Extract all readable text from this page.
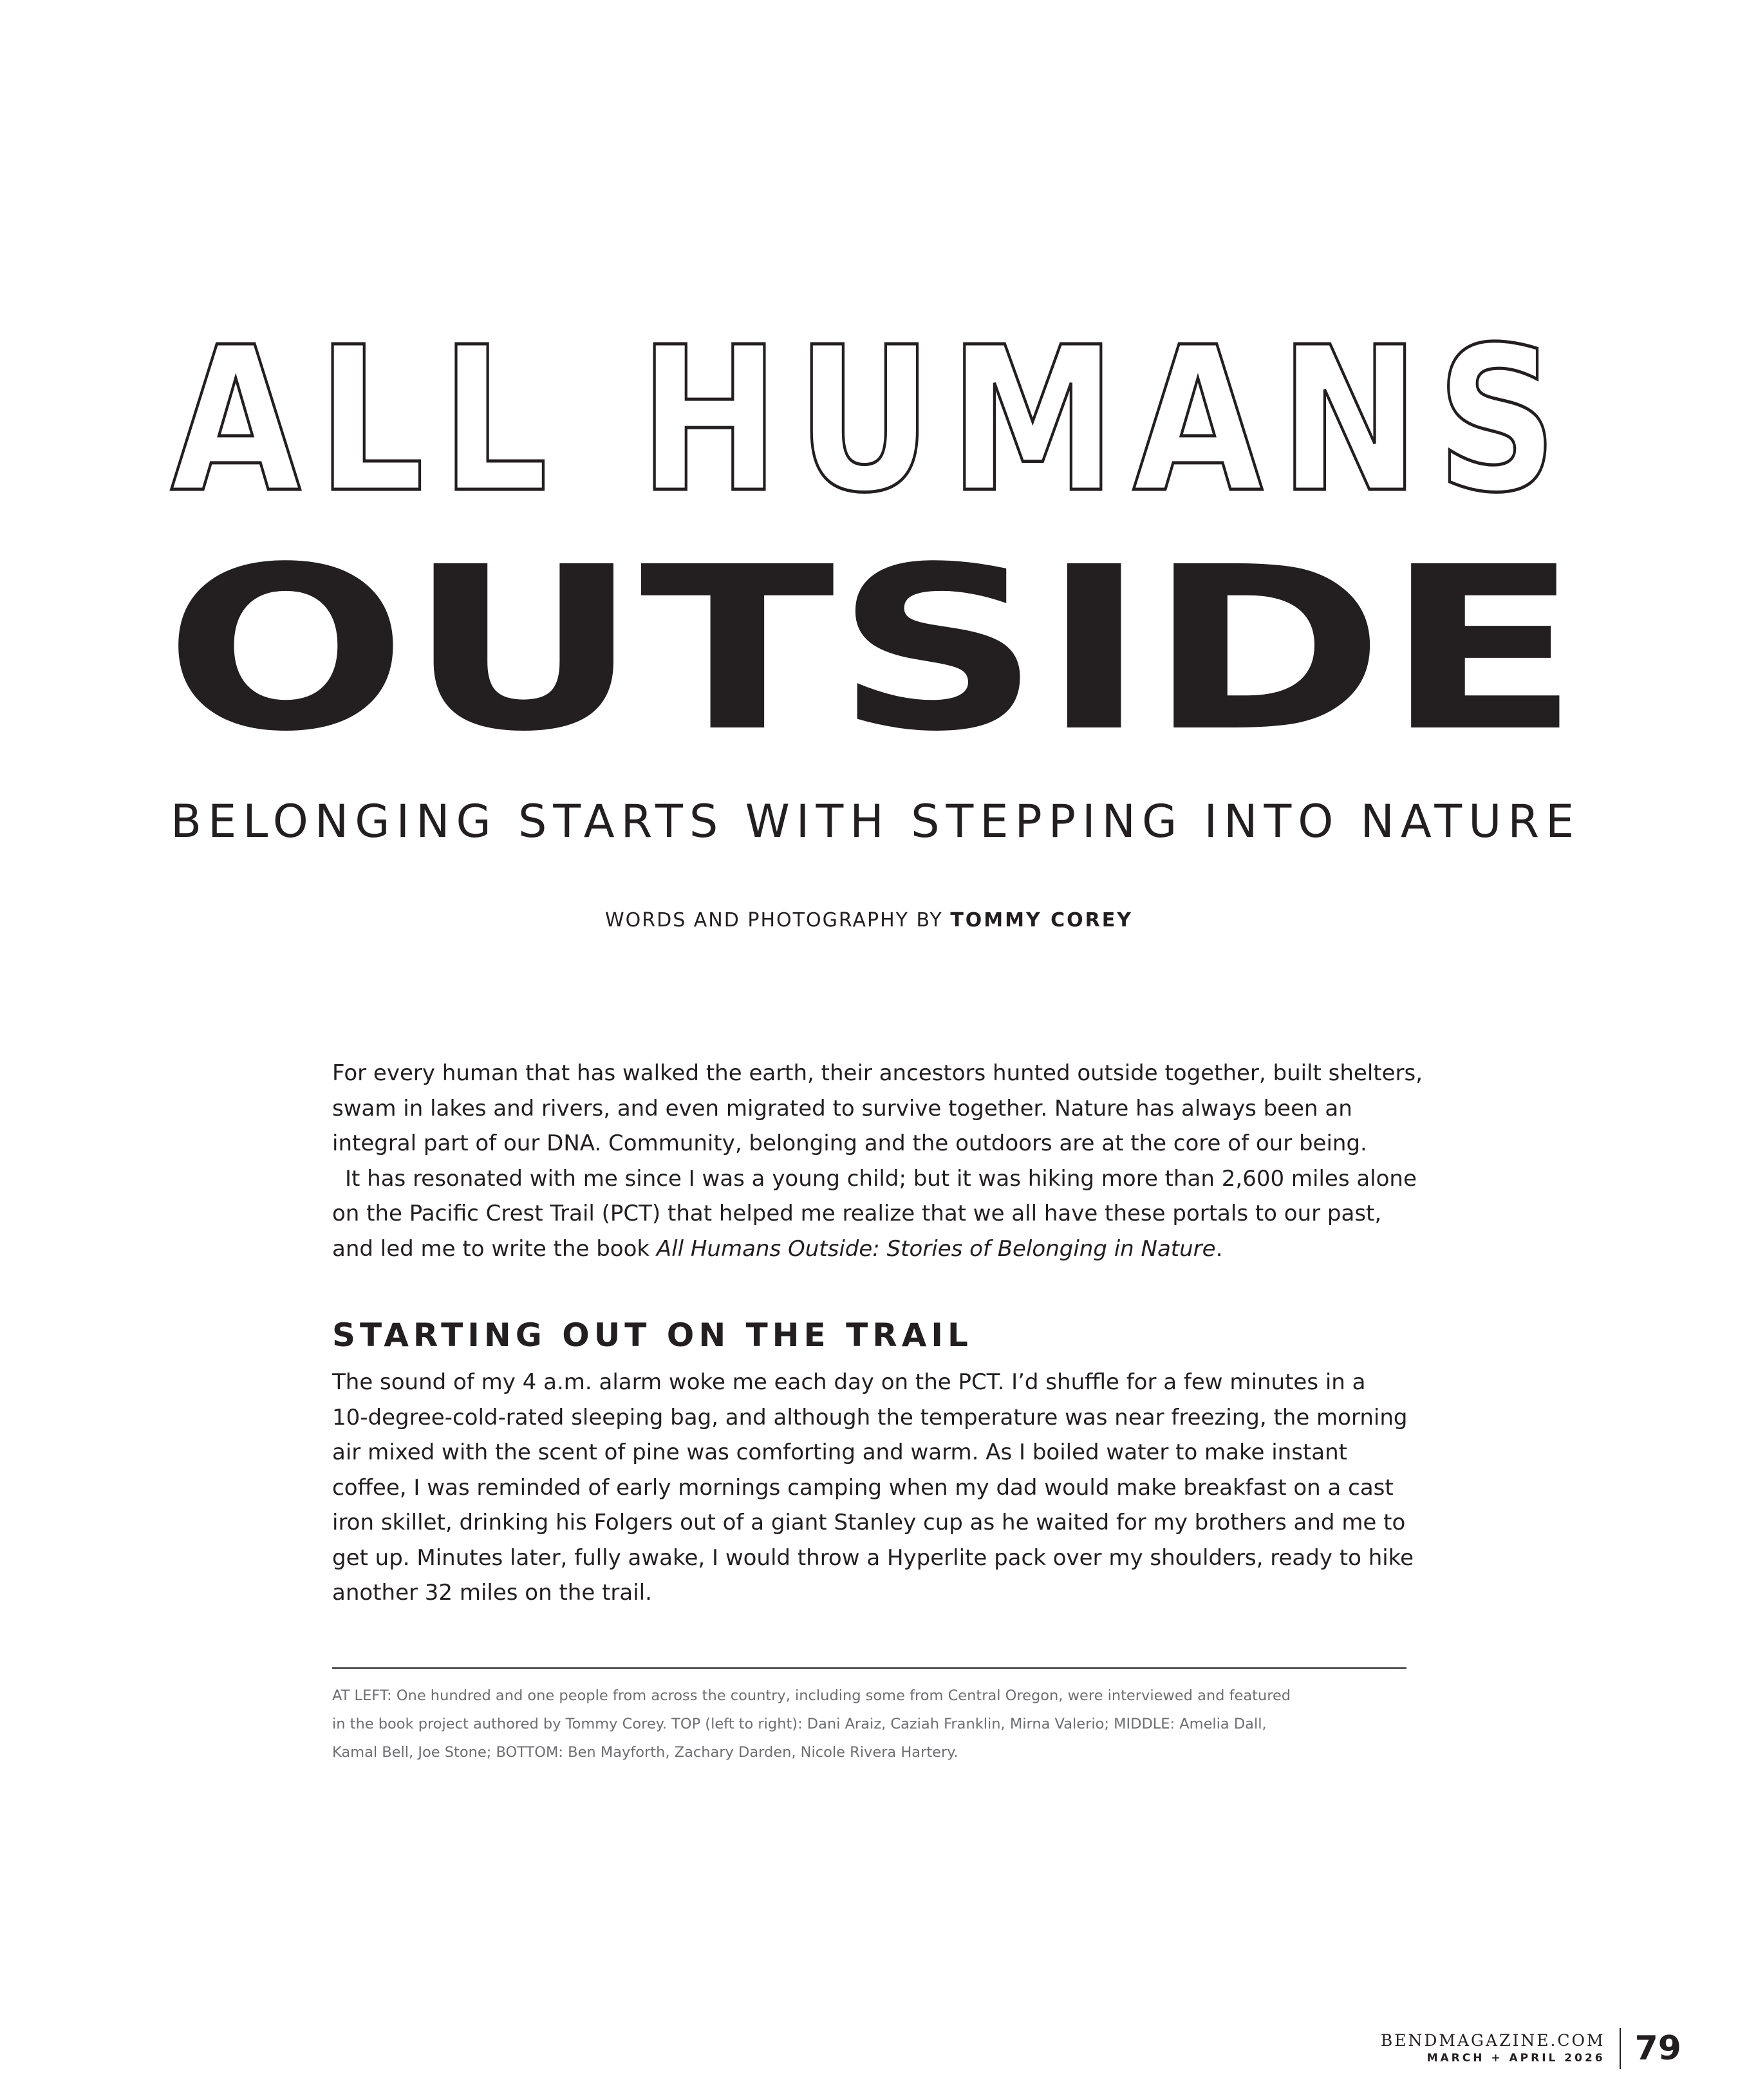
ALL HUMANS
OUTSIDE
BELONGING STARTS WITH STEPPING INTO NATURE
WORDS AND PHOTOGRAPHY BY TOMMY COREY

For every human that has walked the earth, their ancestors hunted outside together, built shelters,

swam in lakes and rivers, and even migrated to survive together. Nature has always been an

integral part of our DNA. Community, belonging and the outdoors are at the core of our being.

It has resonated with me since I was a young child; but it was hiking more than 2,600 miles alone

on the Pacific Crest Trail (PCT) that helped me realize that we all have these portals to our past,

and led me to write the book All Humans Outside: Stories of Belonging in Nature.

STARTING OUT ON THE TRAIL

The sound of my 4 a.m. alarm woke me each day on the PCT. I’d shuffle for a few minutes in a

10-degree-cold-rated sleeping bag, and although the temperature was near freezing, the morning

air mixed with the scent of pine was comforting and warm. As I boiled water to make instant

coffee, I was reminded of early mornings camping when my dad would make breakfast on a cast

iron skillet, drinking his Folgers out of a giant Stanley cup as he waited for my brothers and me to

get up. Minutes later, fully awake, I would throw a Hyperlite pack over my shoulders, ready to hike

another 32 miles on the trail.

AT LEFT: One hundred and one people from across the country, including some from Central Oregon, were interviewed and featured

in the book project authored by Tommy Corey. TOP (left to right): Dani Araiz, Caziah Franklin, Mirna Valerio; MIDDLE: Amelia Dall,

Kamal Bell, Joe Stone; BOTTOM: Ben Mayforth, Zachary Darden, Nicole Rivera Hartery.

BENDMAGAZINE.COM
MARCH + APRIL 2026 79
